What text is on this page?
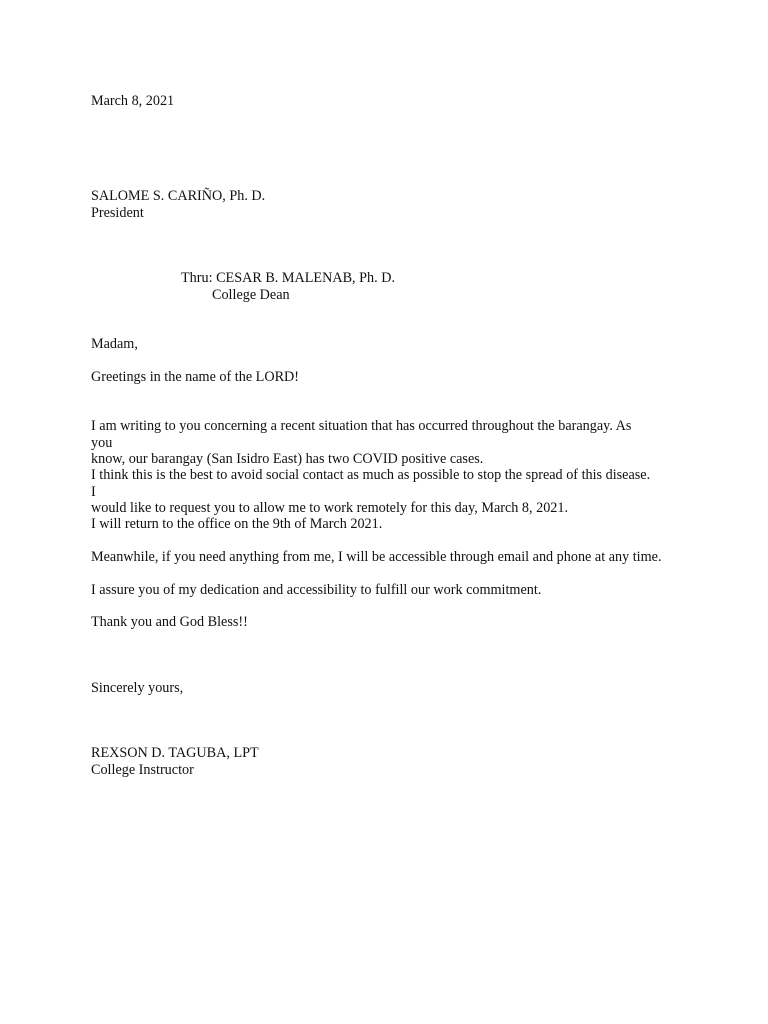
March 8, 2021
SALOME S. CARIÑO, Ph. D.
President
Thru: CESAR B. MALENAB, Ph. D.
College Dean
Madam,
Greetings in the name of the LORD!
I am writing to you concerning a recent situation that has occurred throughout the barangay. As you
know, our barangay (San Isidro East) has two COVID positive cases.
I think this is the best to avoid social contact as much as possible to stop the spread of this disease. I
would like to request you to allow me to work remotely for this day, March 8, 2021.
I will return to the office on the 9th of March 2021.
Meanwhile, if you need anything from me, I will be accessible through email and phone at any time.
I assure you of my dedication and accessibility to fulfill our work commitment.
Thank you and God Bless!!
Sincerely yours,
REXSON D. TAGUBA, LPT
College Instructor
